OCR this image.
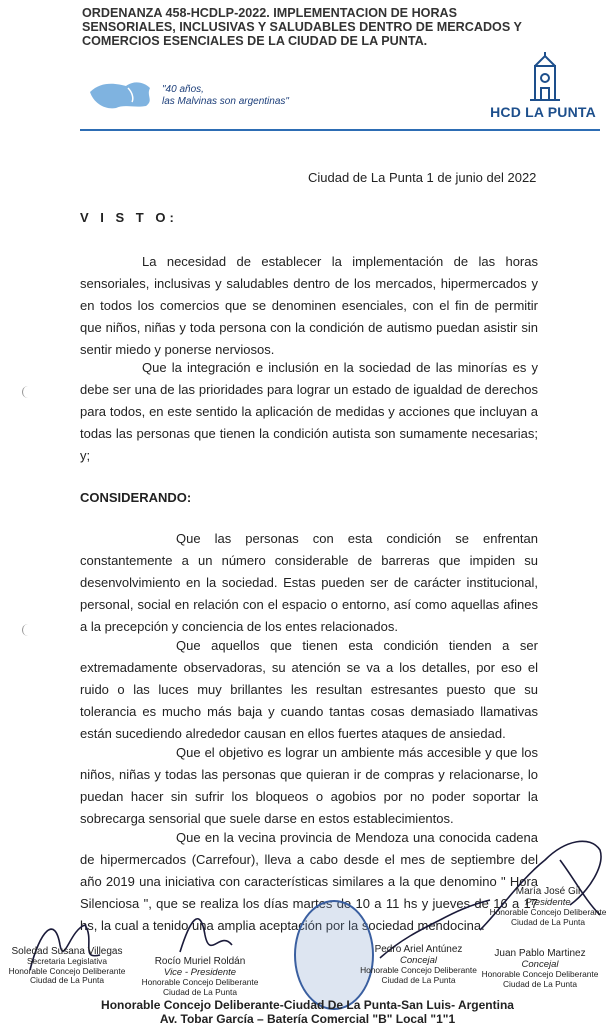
ORDENANZA 458-HCDLP-2022. IMPLEMENTACION DE HORAS SENSORIALES, INCLUSIVAS Y SALUDABLES DENTRO DE MERCADOS Y COMERCIOS ESENCIALES DE LA CIUDAD DE LA PUNTA.
"40 años,
las Malvinas son argentinas"
HCD LA PUNTA
Ciudad de La Punta 1 de junio del 2022
V I S T O:

La necesidad de establecer la implementación de las horas sensoriales, inclusivas y saludables dentro de los mercados, hipermercados y en todos los comercios que se denominen esenciales, con el fin de permitir que niños, niñas y toda persona con la condición de autismo puedan asistir sin sentir miedo y ponerse nerviosos.

Que la integración e inclusión en la sociedad de las minorías es y debe ser una de las prioridades para lograr un estado de igualdad de derechos para todos, en este sentido la aplicación de medidas y acciones que incluyan a todas las personas que tienen la condición autista son sumamente necesarias; y;

CONSIDERANDO:

Que las personas con esta condición se enfrentan constantemente a un número considerable de barreras que impiden su desenvolvimiento en la sociedad. Estas pueden ser de carácter institucional, personal, social en relación con el espacio o entorno, así como aquellas afines a la precepción y conciencia de los entes relacionados.

Que aquellos que tienen esta condición tienden a ser extremadamente observadoras, su atención se va a los detalles, por eso el ruido o las luces muy brillantes les resultan estresantes puesto que su tolerancia es mucho más baja y cuando tantas cosas demasiado llamativas están sucediendo alrededor causan en ellos fuertes ataques de ansiedad.

Que el objetivo es lograr un ambiente más accesible y que los niños, niñas y todas las personas que quieran ir de compras y relacionarse, lo puedan hacer sin sufrir los bloqueos o agobios por no poder soportar la sobrecarga sensorial que suele darse en estos establecimientos.

Que en la vecina provincia de Mendoza una conocida cadena de hipermercados (Carrefour), lleva a cabo desde el mes de septiembre del año 2019 una iniciativa con características similares a la que denomino " Hora Silenciosa ", que se realiza los días martes de 10 a 11 hs y jueves de 16 a 17 hs, la cual a tenido una amplia aceptación por la sociedad mendocina.

Soledad Susana Villegas
Secretaria Legislativa
Honorable Concejo Deliberante
Ciudad de La Punta
Rocío Muriel Roldán
Vice - Presidente
Honorable Concejo Deliberante
Ciudad de La Punta
Pedro Ariel Antúnez
Concejal
Honorable Concejo Deliberante
Ciudad de La Punta
Juan Pablo Martinez
Concejal
Honorable Concejo Deliberante
Ciudad de La Punta
María José Gil
Presidente
Honorable Concejo Deliberante
Ciudad de La Punta
Honorable Concejo Deliberante-Ciudad De La Punta-San Luis- Argentina
Av. Tobar García – Batería Comercial "B" Local "1"1
